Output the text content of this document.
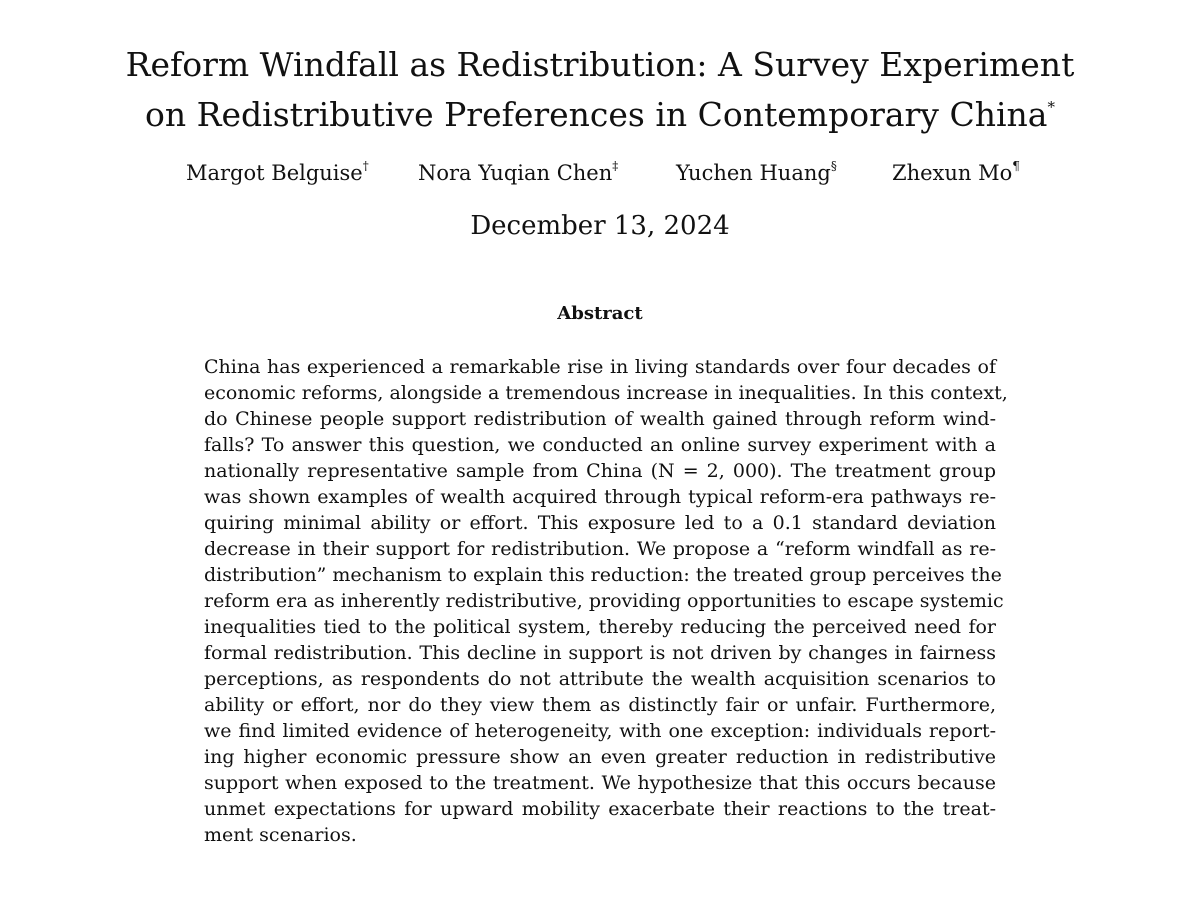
Reform Windfall as Redistribution: A Survey Experiment
on Redistributive Preferences in Contemporary China*
Margot Belguise† Nora Yuqian Chen‡	Yuchen Huang§	Zhexun Mo¶
December 13, 2024
Abstract
China has experienced a remarkable rise in living standards over four decades of
economic reforms, alongside a tremendous increase in inequalities. In this context,
do Chinese people support redistribution of wealth gained through reform wind-
falls? To answer this question, we conducted an online survey experiment with a
nationally representative sample from China (N = 2, 000). The treatment group
was shown examples of wealth acquired through typical reform-era pathways re-
quiring minimal ability or effort. This exposure led to a 0.1 standard deviation
decrease in their support for redistribution. We propose a “reform windfall as re-
distribution” mechanism to explain this reduction: the treated group perceives the
reform era as inherently redistributive, providing opportunities to escape systemic
inequalities tied to the political system, thereby reducing the perceived need for
formal redistribution. This decline in support is not driven by changes in fairness
perceptions, as respondents do not attribute the wealth acquisition scenarios to
ability or effort, nor do they view them as distinctly fair or unfair. Furthermore,
we find limited evidence of heterogeneity, with one exception: individuals report-
ing higher economic pressure show an even greater reduction in redistributive
support when exposed to the treatment. We hypothesize that this occurs because
unmet expectations for upward mobility exacerbate their reactions to the treat-
ment scenarios.
